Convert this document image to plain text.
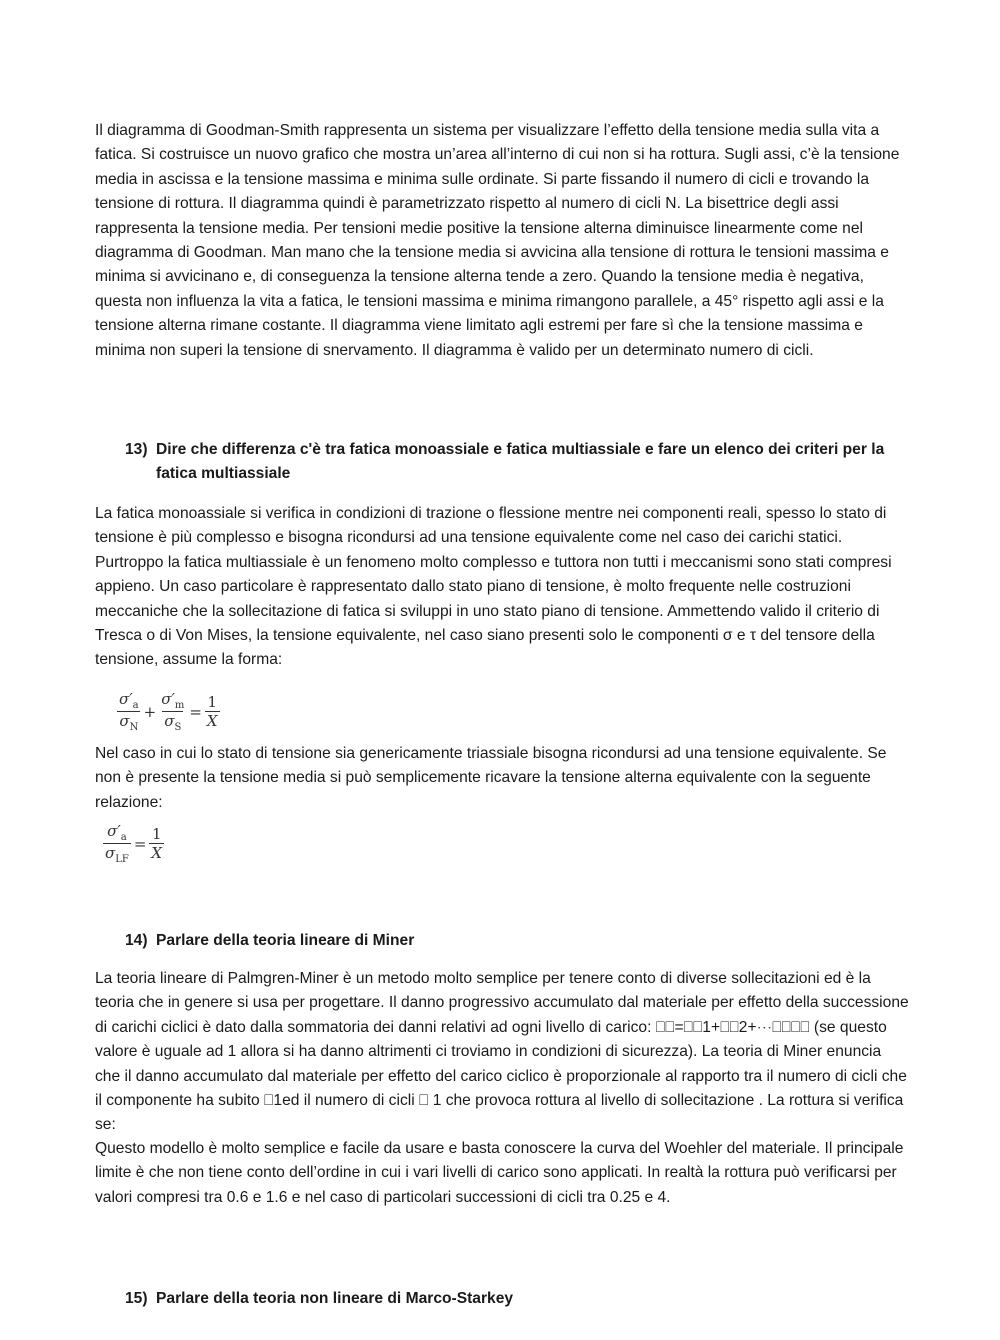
Il diagramma di Goodman-Smith rappresenta un sistema per visualizzare l’effetto della tensione media sulla vita a fatica. Si costruisce un nuovo grafico che mostra un’area all’interno di cui non si ha rottura. Sugli assi, c’è la tensione media in ascissa e la tensione massima e minima sulle ordinate. Si parte fissando il numero di cicli e trovando la tensione di rottura. Il diagramma quindi è parametrizzato rispetto al numero di cicli N. La bisettrice degli assi rappresenta la tensione media. Per tensioni medie positive la tensione alterna diminuisce linearmente come nel diagramma di Goodman. Man mano che la tensione media si avvicina alla tensione di rottura le tensioni massima e minima si avvicinano e, di conseguenza la tensione alterna tende a zero. Quando la tensione media è negativa, questa non influenza la vita a fatica, le tensioni massima e minima rimangono parallele, a 45° rispetto agli assi e la tensione alterna rimane costante. Il diagramma viene limitato agli estremi per fare sì che la tensione massima e minima non superi la tensione di snervamento. Il diagramma è valido per un determinato numero di cicli.

13) Dire che differenza c'è tra fatica monoassiale e fatica multiassiale e fare un elenco dei criteri per la fatica multiassiale

La fatica monoassiale si verifica in condizioni di trazione o flessione mentre nei componenti reali, spesso lo stato di tensione è più complesso e bisogna ricondursi ad una tensione equivalente come nel caso dei carichi statici. Purtroppo la fatica multiassiale è un fenomeno molto complesso e tuttora non tutti i meccanismi sono stati compresi appieno. Un caso particolare è rappresentato dallo stato piano di tensione, è molto frequente nelle costruzioni meccaniche che la sollecitazione di fatica si sviluppi in uno stato piano di tensione. Ammettendo valido il criterio di Tresca o di Von Mises, la tensione equivalente, nel caso siano presenti solo le componenti σ e τ del tensore della tensione, assume la forma:

$\frac{\sigma'_a}{\sigma_N} + \frac{\sigma'_m}{\sigma_S} = \frac{1}{X}$

Nel caso in cui lo stato di tensione sia genericamente triassiale bisogna ricondursi ad una tensione equivalente. Se non è presente la tensione media si può semplicemente ricavare la tensione alterna equivalente con la seguente relazione:

$\frac{\sigma'_a}{\sigma_{LF}} = \frac{1}{X}$
14) Parlare della teoria lineare di Miner

La teoria lineare di Palmgren-Miner è un metodo molto semplice per tenere conto di diverse sollecitazioni ed è la teoria che in genere si usa per progettare. Il danno progressivo accumulato dal materiale per effetto della successione di carichi ciclici è dato dalla sommatoria dei danni relativi ad ogni livello di carico: ⎕⎕=⎕⎕1+⎕⎕2+⋯⎕⎕⎕⎕ (se questo valore è uguale ad 1 allora si ha danno altrimenti ci troviamo in condizioni di sicurezza). La teoria di Miner enuncia che il danno accumulato dal materiale per effetto del carico ciclico è proporzionale al rapporto tra il numero di cicli che il componente ha subito ⎕1ed il numero di cicli ⎕ 1 che provoca rottura al livello di sollecitazione . La rottura si verifica se:

Questo modello è molto semplice e facile da usare e basta conoscere la curva del Woehler del materiale. Il principale limite è che non tiene conto dell’ordine in cui i vari livelli di carico sono applicati. In realtà la rottura può verificarsi per valori compresi tra 0.6 e 1.6 e nel caso di particolari successioni di cicli tra 0.25 e 4.

15) Parlare della teoria non lineare di Marco-Starkey
